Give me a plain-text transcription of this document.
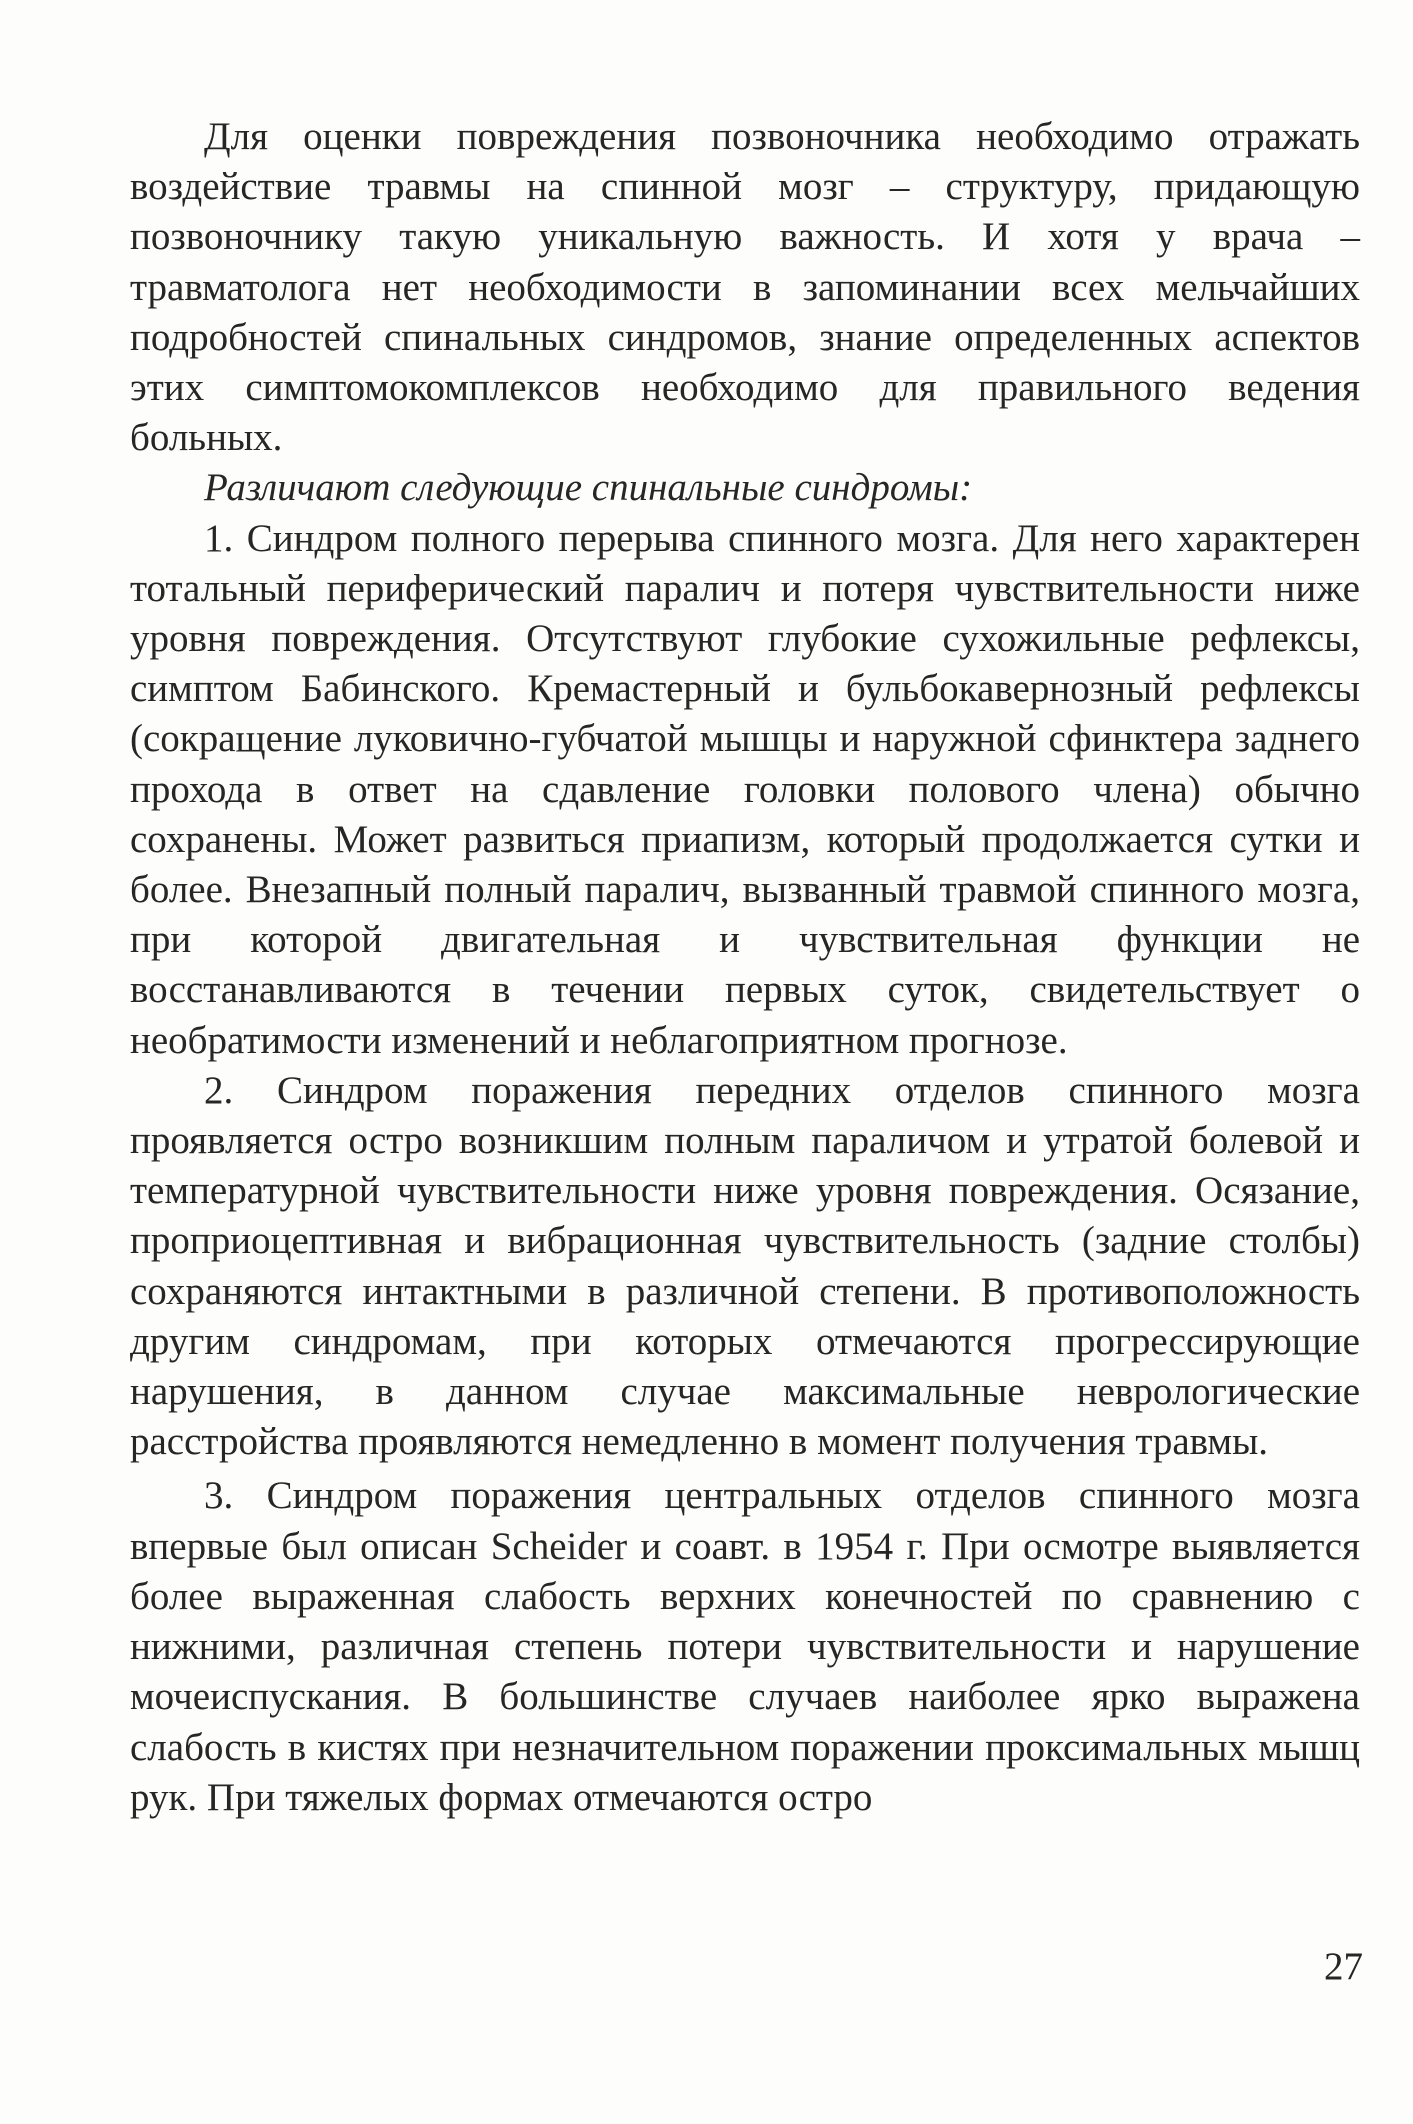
Для оценки повреждения позвоночника необходимо отражать воздействие травмы на спинной мозг – структуру, придающую позвоночнику такую уникальную важность. И хотя у врача – травматолога нет необходимости в запоминании всех мельчайших подробностей спинальных синдромов, знание определенных аспектов этих симптомокомплексов необходимо для правильного ведения больных.

Различают следующие спинальные синдромы:

1. Синдром полного перерыва спинного мозга. Для него характерен тотальный периферический паралич и потеря чувствительности ниже уровня повреждения. Отсутствуют глубокие сухожильные рефлексы, симптом Бабинского. Кремастерный и бульбокавернозный рефлексы (сокращение луковично-губчатой мышцы и наружной сфинктера заднего прохода в ответ на сдавление головки полового члена) обычно сохранены. Может развиться приапизм, который продолжается сутки и более. Внезапный полный паралич, вызванный травмой спинного мозга, при которой двигательная и чувствительная функции не восстанавливаются в течении первых суток, свидетельствует о необратимости изменений и неблагоприятном прогнозе.

2. Синдром поражения передних отделов спинного мозга проявляется остро возникшим полным параличом и утратой болевой и температурной чувствительности ниже уровня повреждения. Осязание, проприоцептивная и вибрационная чувствительность (задние столбы) сохраняются интактными в различной степени. В противоположность другим синдромам, при которых отмечаются прогрессирующие нарушения, в данном случае максимальные неврологические расстройства проявляются немедленно в момент получения травмы.

3. Синдром поражения центральных отделов спинного мозга впервые был описан Scheider и соавт. в 1954 г. При осмотре выявляется более выраженная слабость верхних конечностей по сравнению с нижними, различная степень потери чувствительности и нарушение мочеиспускания. В большинстве случаев наиболее ярко выражена слабость в кистях при незначительном поражении проксимальных мышц рук. При тяжелых формах отмечаются остро

27
